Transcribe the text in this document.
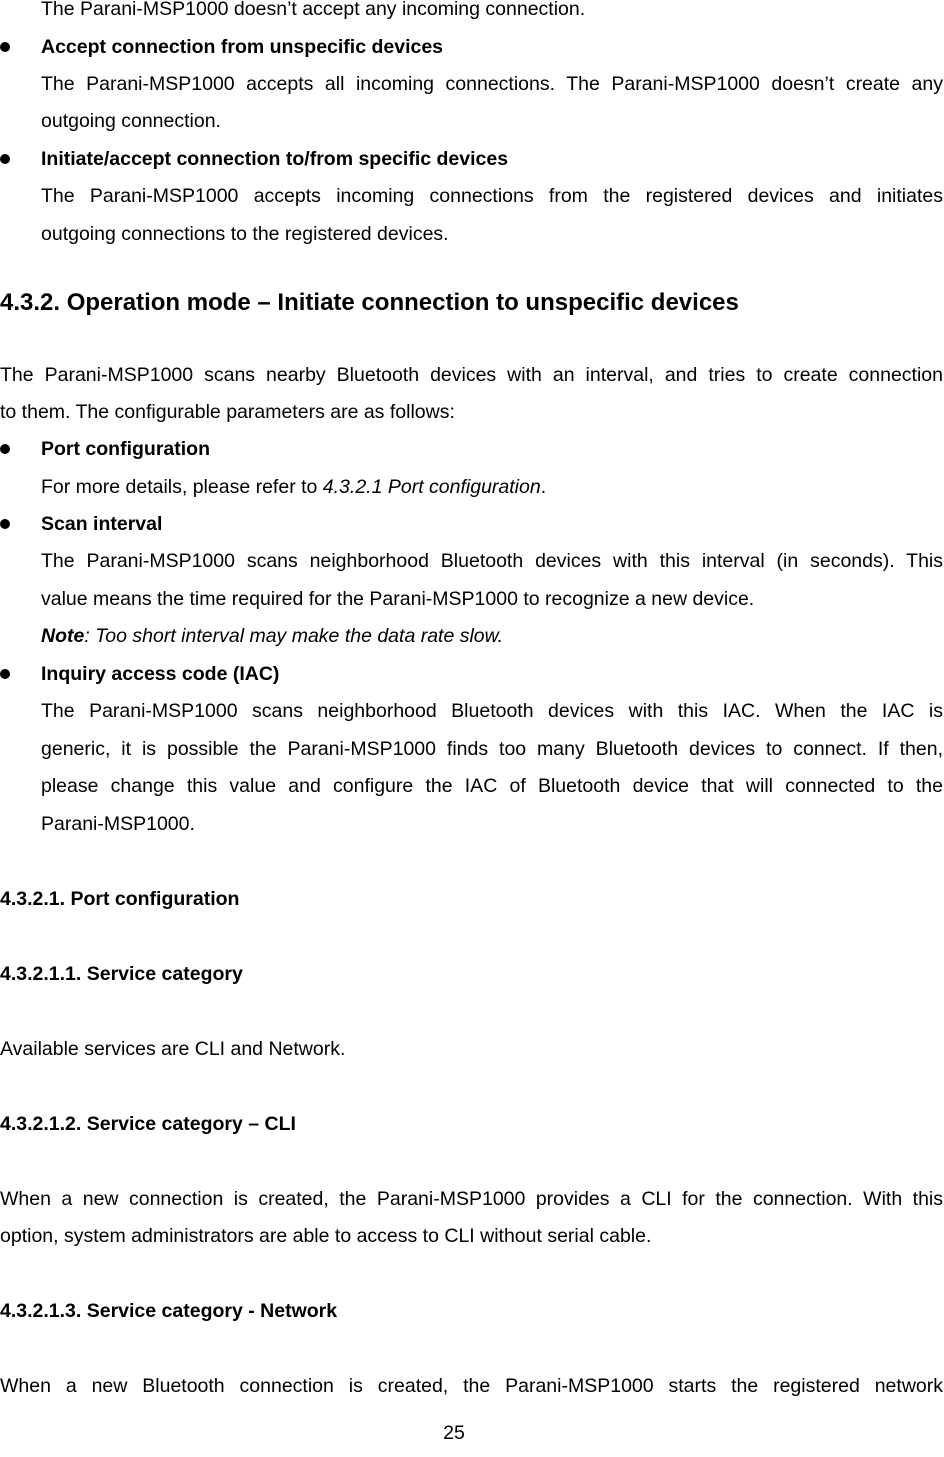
The Parani-MSP1000 doesn’t accept any incoming connection.
Accept connection from unspecific devices
The Parani-MSP1000 accepts all incoming connections. The Parani-MSP1000 doesn’t create any
outgoing connection.
Initiate/accept connection to/from specific devices
The Parani-MSP1000 accepts incoming connections from the registered devices and initiates
outgoing connections to the registered devices.
4.3.2. Operation mode – Initiate connection to unspecific devices
The Parani-MSP1000 scans nearby Bluetooth devices with an interval, and tries to create connection
to them. The configurable parameters are as follows:
Port configuration
For more details, please refer to 4.3.2.1 Port configuration.
Scan interval
The Parani-MSP1000 scans neighborhood Bluetooth devices with this interval (in seconds). This
value means the time required for the Parani-MSP1000 to recognize a new device.
Note: Too short interval may make the data rate slow.
Inquiry access code (IAC)
The Parani-MSP1000 scans neighborhood Bluetooth devices with this IAC. When the IAC is
generic, it is possible the Parani-MSP1000 finds too many Bluetooth devices to connect. If then,
please change this value and configure the IAC of Bluetooth device that will connected to the
Parani-MSP1000.
4.3.2.1. Port configuration
4.3.2.1.1. Service category
Available services are CLI and Network.
4.3.2.1.2. Service category – CLI
When a new connection is created, the Parani-MSP1000 provides a CLI for the connection. With this
option, system administrators are able to access to CLI without serial cable.
4.3.2.1.3. Service category - Network
When a new Bluetooth connection is created, the Parani-MSP1000 starts the registered network
25
